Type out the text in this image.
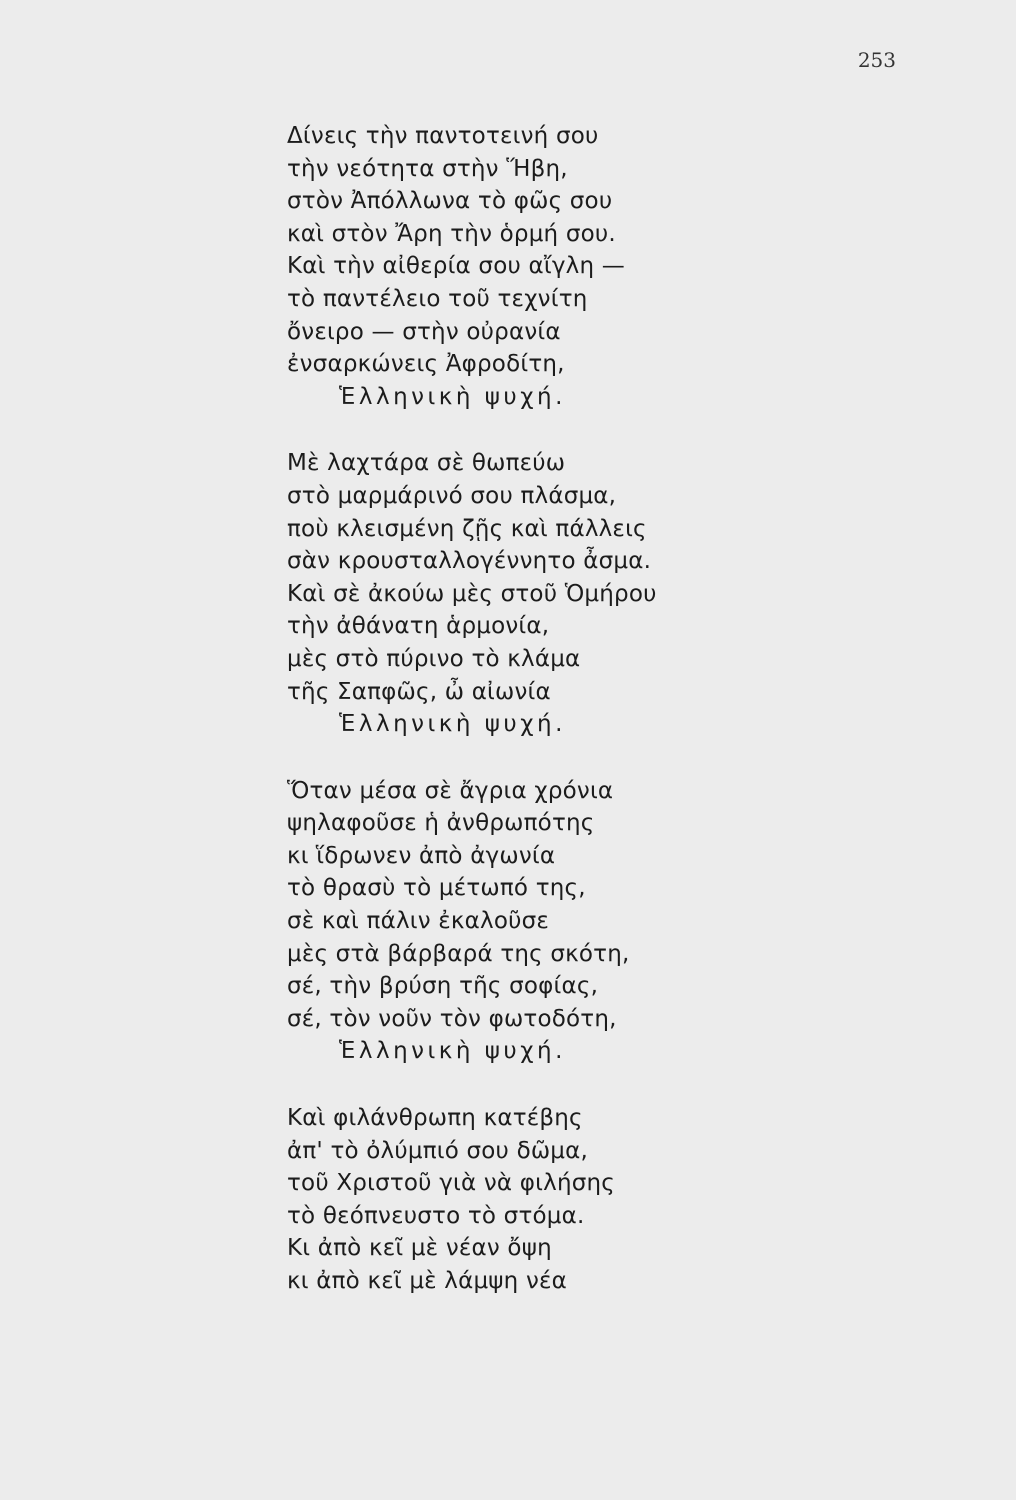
253
Δίνεις τὴν παντοτεινή σου
τὴν νεότητα στὴν Ἥβη,
στὸν Ἀπόλλωνα τὸ φῶς σου
καὶ στὸν Ἄρη τὴν ὁρμή σου.
Καὶ τὴν αἰθερία σου αἴγλη —
τὸ παντέλειο τοῦ τεχνίτη
ὄνειρο — στὴν οὐρανία
ἐνσαρκώνεις Ἀφροδίτη,
Ἑλληνικὴ ψυχή.
Μὲ λαχτάρα σὲ θωπεύω
στὸ μαρμάρινό σου πλάσμα,
ποὺ κλεισμένη ζῇς καὶ πάλλεις
σὰν κρουσταλλογέννητο ἆσμα.
Καὶ σὲ ἀκούω μὲς στοῦ Ὁμήρου
τὴν ἀθάνατη ἁρμονία,
μὲς στὸ πύρινο τὸ κλάμα
τῆς Σαπφῶς, ὦ αἰωνία
Ἑλληνικὴ ψυχή.
Ὅταν μέσα σὲ ἄγρια χρόνια
ψηλαφοῦσε ἡ ἀνθρωπότης
κι ἵδρωνεν ἀπὸ ἀγωνία
τὸ θρασὺ τὸ μέτωπό της,
σὲ καὶ πάλιν ἐκαλοῦσε
μὲς στὰ βάρβαρά της σκότη,
σέ, τὴν βρύση τῆς σοφίας,
σέ, τὸν νοῦν τὸν φωτοδότη,
Ἑλληνικὴ ψυχή.
Καὶ φιλάνθρωπη κατέβης
ἀπ' τὸ ὀλύμπιό σου δῶμα,
τοῦ Χριστοῦ γιὰ νὰ φιλήσης
τὸ θεόπνευστο τὸ στόμα.
Κι ἀπὸ κεῖ μὲ νέαν ὄψη
κι ἀπὸ κεῖ μὲ λάμψη νέα
